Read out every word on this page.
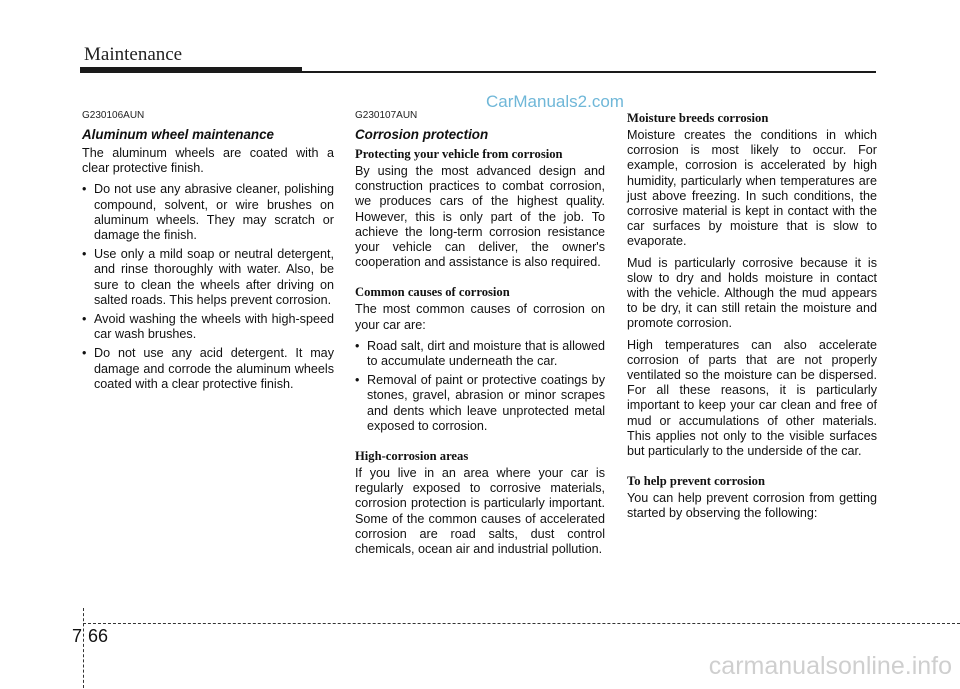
Maintenance
CarManuals2.com
G230106AUN
Aluminum wheel maintenance

The aluminum wheels are coated with a clear protective finish.

• Do not use any abrasive cleaner, polishing compound, solvent, or wire brushes on aluminum wheels. They may scratch or damage the finish.
• Use only a mild soap or neutral detergent, and rinse thoroughly with water. Also, be sure to clean the wheels after driving on salted roads. This helps prevent corrosion.
• Avoid washing the wheels with high-speed car wash brushes.
• Do not use any acid detergent. It may damage and corrode the aluminum wheels coated with a clear protective finish.
G230107AUN
Corrosion protection
Protecting your vehicle from corrosion

By using the most advanced design and construction practices to combat corrosion, we produces cars of the highest quality. However, this is only part of the job. To achieve the long-term corrosion resistance your vehicle can deliver, the owner's cooperation and assistance is also required.

Common causes of corrosion

The most common causes of corrosion on your car are:

• Road salt, dirt and moisture that is allowed to accumulate underneath the car.
• Removal of paint or protective coatings by stones, gravel, abrasion or minor scrapes and dents which leave unprotected metal exposed to corrosion.
High-corrosion areas

If you live in an area where your car is regularly exposed to corrosive materials, corrosion protection is particularly important. Some of the common causes of accelerated corrosion are road salts, dust control chemicals, ocean air and industrial pollution.

Moisture breeds corrosion

Moisture creates the conditions in which corrosion is most likely to occur. For example, corrosion is accelerated by high humidity, particularly when temperatures are just above freezing. In such conditions, the corrosive material is kept in contact with the car surfaces by moisture that is slow to evaporate.

Mud is particularly corrosive because it is slow to dry and holds moisture in contact with the vehicle. Although the mud appears to be dry, it can still retain the moisture and promote corrosion.

High temperatures can also accelerate corrosion of parts that are not properly ventilated so the moisture can be dispersed. For all these reasons, it is particularly important to keep your car clean and free of mud or accumulations of other materials. This applies not only to the visible surfaces but particularly to the underside of the car.

To help prevent corrosion

You can help prevent corrosion from getting started by observing the following:

7 66
carmanualsonline.info
